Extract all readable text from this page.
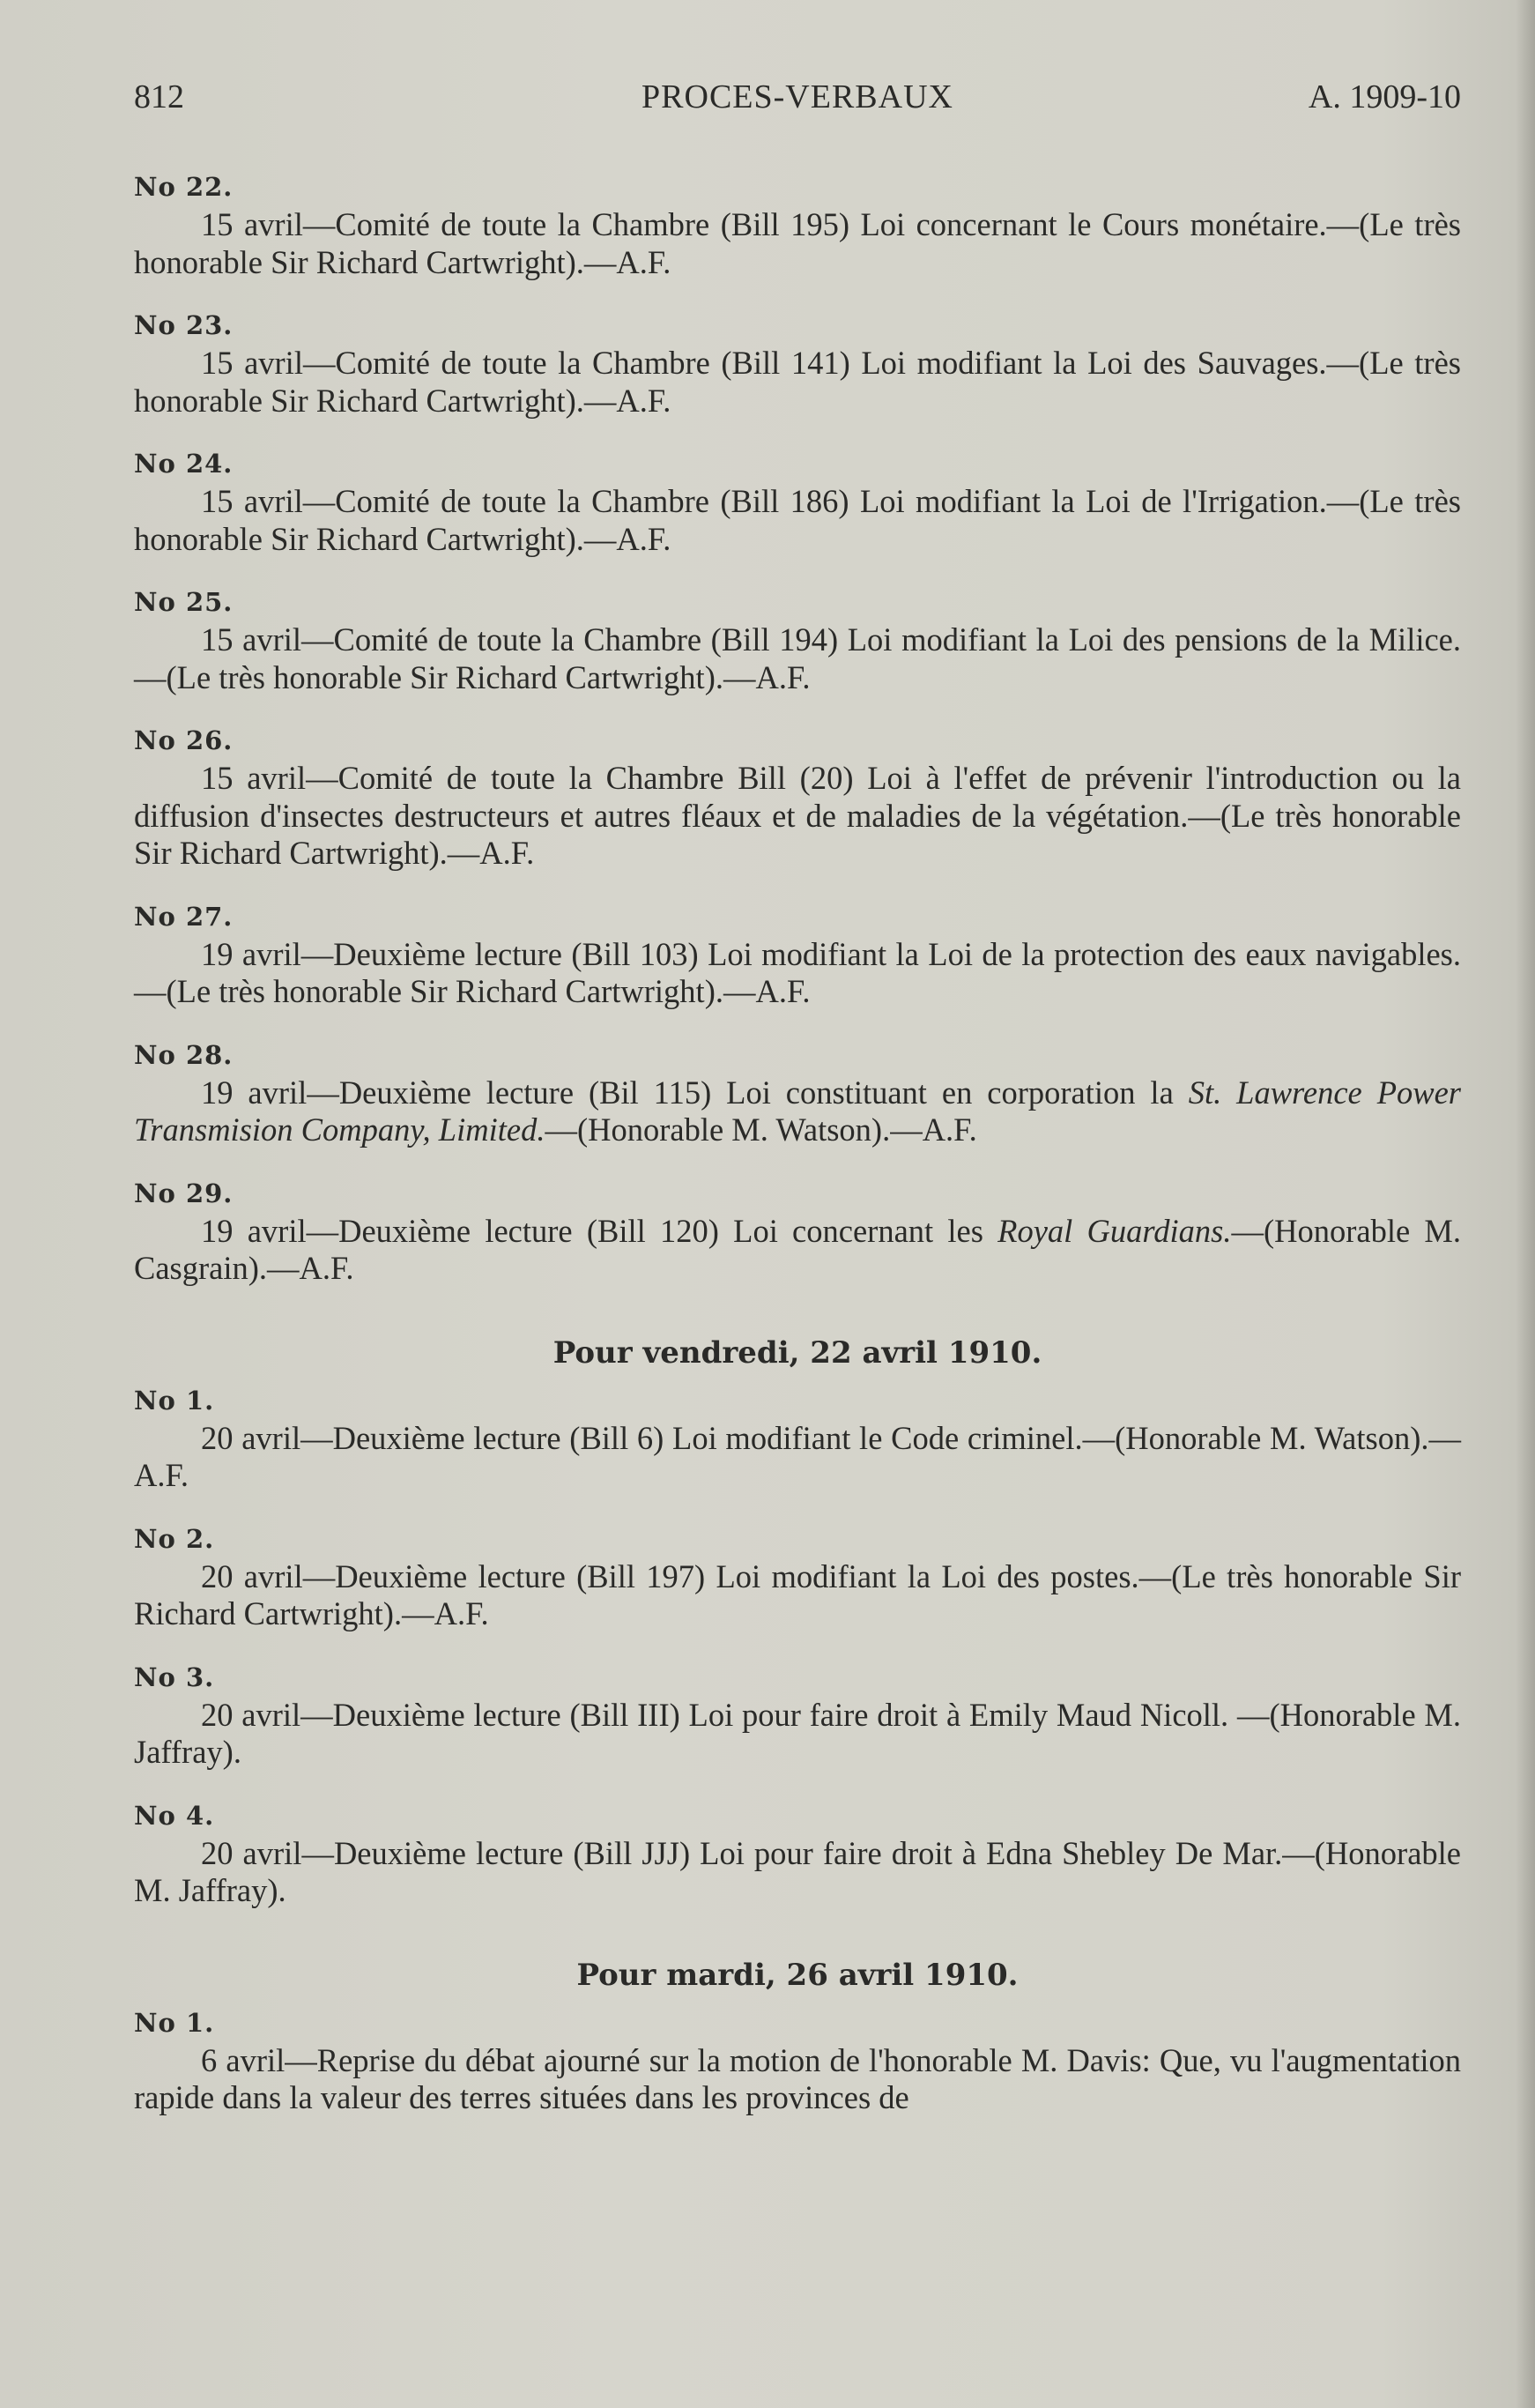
812	PROCES-VERBAUX	A. 1909-10
No 22.

15 avril—Comité de toute la Chambre (Bill 195) Loi concernant le Cours monétaire.—(Le très honorable Sir Richard Cartwright).—A.F.

No 23.

15 avril—Comité de toute la Chambre (Bill 141) Loi modifiant la Loi des Sauvages.—(Le très honorable Sir Richard Cartwright).—A.F.

No 24.

15 avril—Comité de toute la Chambre (Bill 186) Loi modifiant la Loi de l'Irrigation.—(Le très honorable Sir Richard Cartwright).—A.F.

No 25.

15 avril—Comité de toute la Chambre (Bill 194) Loi modifiant la Loi des pensions de la Milice.—(Le très honorable Sir Richard Cartwright).—A.F.

No 26.

15 avril—Comité de toute la Chambre Bill (20) Loi à l'effet de prévenir l'introduction ou la diffusion d'insectes destructeurs et autres fléaux et de maladies de la végétation.—(Le très honorable Sir Richard Cartwright).—A.F.

No 27.

19 avril—Deuxième lecture (Bill 103) Loi modifiant la Loi de la protection des eaux navigables.—(Le très honorable Sir Richard Cartwright).—A.F.

No 28.

19 avril—Deuxième lecture (Bil 115) Loi constituant en corporation la St. Lawrence Power Transmision Company, Limited.—(Honorable M. Watson).—A.F.

No 29.

19 avril—Deuxième lecture (Bill 120) Loi concernant les Royal Guardians.—(Honorable M. Casgrain).—A.F.

Pour vendredi, 22 avril 1910.
No 1.

20 avril—Deuxième lecture (Bill 6) Loi modifiant le Code criminel.—(Honorable M. Watson).—A.F.

No 2.

20 avril—Deuxième lecture (Bill 197) Loi modifiant la Loi des postes.—(Le très honorable Sir Richard Cartwright).—A.F.

No 3.

20 avril—Deuxième lecture (Bill III) Loi pour faire droit à Emily Maud Nicoll. —(Honorable M. Jaffray).

No 4.

20 avril—Deuxième lecture (Bill JJJ) Loi pour faire droit à Edna Shebley De Mar.—(Honorable M. Jaffray).

Pour mardi, 26 avril 1910.
No 1.

6 avril—Reprise du débat ajourné sur la motion de l'honorable M. Davis: Que, vu l'augmentation rapide dans la valeur des terres situées dans les provinces de
